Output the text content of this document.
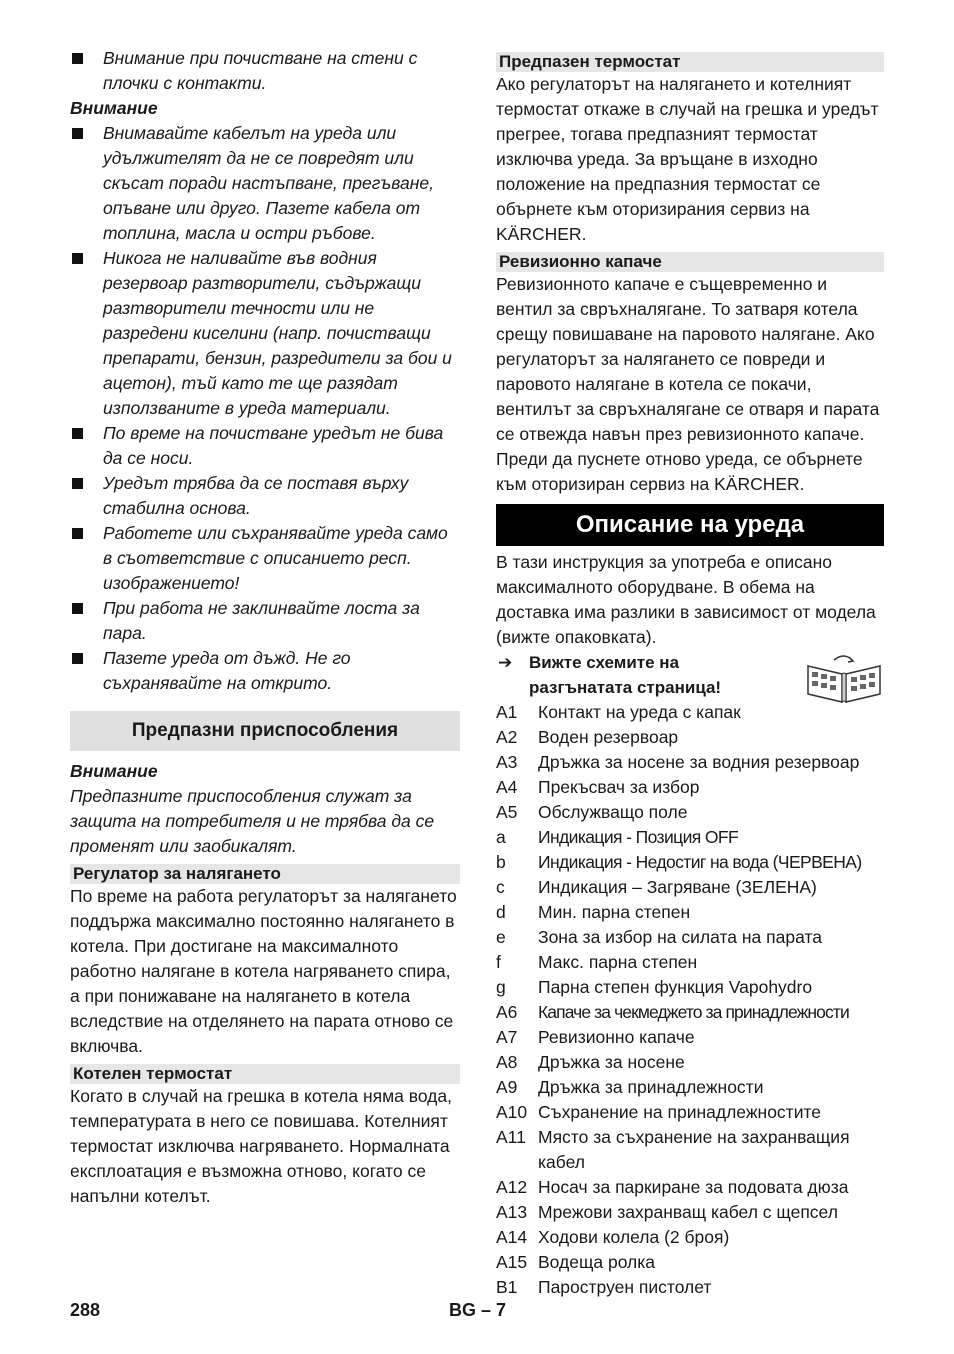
Внимание при почистване на стени с плочки с контакти.
Внимание
Внимавайте кабелът на уреда или удължителят да не се повредят или скъсат поради настъпване, прегъване, опъване или друго. Пазете кабела от топлина, масла и остри ръбове.
Никога не наливайте във водния резервоар разтворители, съдържащи разтворители течности или не разредени киселини (напр. почистващи препарати, бензин, разредители за бои и ацетон), тъй като те ще разядат използваните в уреда материали.
По време на почистване уредът не бива да се носи.
Уредът трябва да се поставя върху стабилна основа.
Работете или съхранявайте уреда само в съответствие с описанието респ. изображението!
При работа не заклинвайте лоста за пара.
Пазете уреда от дъжд. Не го съхранявайте на открито.
Предпазни приспособления
Внимание

Предпазните приспособления служат за защита на потребителя и не трябва да се променят или заобикалят.

Регулатор за налягането

По време на работа регулаторът за налягането поддържа максимално постоянно налягането в котела. При достигане на максималното работно налягане в котела нагряването спира, а при понижаване на налягането в котела вследствие на отделянето на парата отново се включва.

Котелен термостат

Когато в случай на грешка в котела няма вода, температурата в него се повишава. Котелният термостат изключва нагряването. Нормалната експлоатация е възможна отново, когато се напълни котелът.

Предпазен термостат

Ако регулаторът на налягането и котелният термостат откаже в случай на грешка и уредът прегрее, тогава предпазният термостат изключва уреда. За връщане в изходно положение на предпазния термостат се обърнете към оторизирания сервиз на KÄRCHER.

Ревизионно капаче

Ревизионното капаче е същевременно и вентил за свръхналягане. То затваря котела срещу повишаване на паровото налягане. Ако регулаторът за налягането се повреди и паровото налягане в котела се покачи, вентилът за свръхналягане се отваря и парата се отвежда навън през ревизионното капаче. Преди да пуснете отново уреда, се обърнете към оторизиран сервиз на KÄRCHER.

Описание на уреда

В тази инструкция за употреба е описано максималното оборудване. В обема на доставка има разлики в зависимост от модела (вижте опаковката).

➔ Вижте схемите на разгънатата страница!
A1	Контакт на уреда с капак
A2	Воден резервоар
A3	Дръжка за носене за водния резервоар
A4	Прекъсвач за избор
A5	Обслужващо поле
a	Индикация - Позиция OFF
b	Индикация - Недостиг на вода (ЧЕРВЕНА)
c	Индикация – Загряване (ЗЕЛЕНА)
d	Мин. парна степен
e	Зона за избор на силата на парата
f	Макс. парна степен
g	Парна степен функция Vapohydro
A6	Капаче за чекмеджето за принадлежности
A7	Ревизионно капаче
A8	Дръжка за носене
A9	Дръжка за принадлежности
A10 Съхранение на принадлежностите
A11 Място за съхранение на захранващия кабел
A12 Носач за паркиране за подовата дюза
A13 Мрежови захранващ кабел с щепсел
A14 Ходови колела (2 броя)
A15 Водеща ролка
B1	Пароструен пистолет
288	BG – 7
